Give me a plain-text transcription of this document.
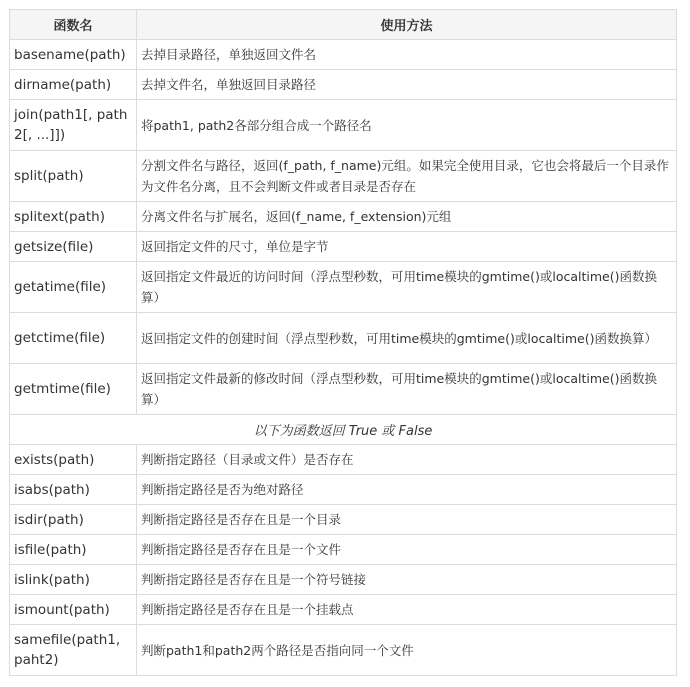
函数名	使用方法
basename(path)	去掉目录路径，单独返回文件名
dirname(path)	去掉文件名，单独返回目录路径
join(path1[, path2[, ...]])	将path1, path2各部分组合成一个路径名
split(path)	分割文件名与路径，返回(f_path, f_name)元组。如果完全使用目录，它也会将最后一个目录作为文件名分离，且不会判断文件或者目录是否存在
splitext(path)	分离文件名与扩展名，返回(f_name, f_extension)元组
getsize(file)	返回指定文件的尺寸，单位是字节
getatime(file)	返回指定文件最近的访问时间（浮点型秒数，可用time模块的gmtime()或localtime()函数换算）
getctime(file)	返回指定文件的创建时间（浮点型秒数，可用time模块的gmtime()或localtime()函数换算）
getmtime(file)	返回指定文件最新的修改时间（浮点型秒数，可用time模块的gmtime()或localtime()函数换算）
以下为函数返回 True 或 False	
exists(path)	判断指定路径（目录或文件）是否存在
isabs(path)	判断指定路径是否为绝对路径
isdir(path)	判断指定路径是否存在且是一个目录
isfile(path)	判断指定路径是否存在且是一个文件
islink(path)	判断指定路径是否存在且是一个符号链接
ismount(path)	判断指定路径是否存在且是一个挂载点
samefile(path1, paht2)	判断path1和path2两个路径是否指向同一个文件
